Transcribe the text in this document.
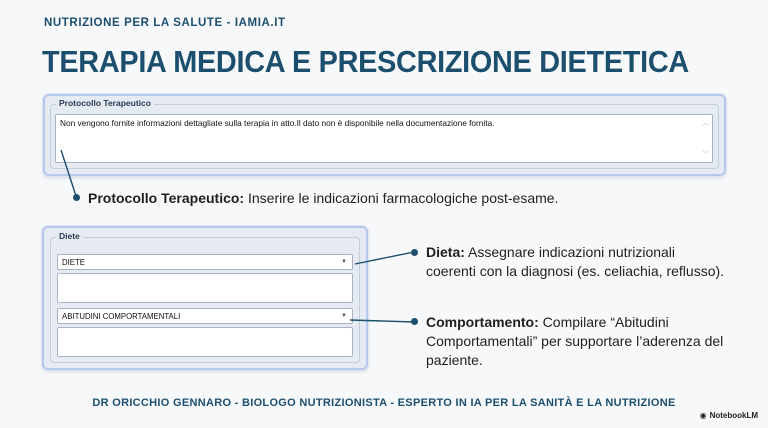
NUTRIZIONE PER LA SALUTE - IAMIA.IT
TERAPIA MEDICA E PRESCRIZIONE DIETETICA
Protocollo Terapeutico
Non vengono fornite informazioni dettagliate sulla terapia in atto.Il dato non è disponibile nella documentazione fornita.	︿
﹀
Diete
DIETE	▼
ABITUDINI COMPORTAMENTALI	▼
Protocollo Terapeutico: Inserire le indicazioni farmacologiche post-esame.
Dieta: Assegnare indicazioni nutrizionali coerenti con la diagnosi (es. celiachia, reflusso).
Comportamento: Compilare “Abitudini Comportamentali” per supportare l’aderenza del paziente.
DR ORICCHIO GENNARO - BIOLOGO NUTRIZIONISTA - ESPERTO IN IA PER LA SANITÀ E LA NUTRIZIONE
◉ NotebookLM
